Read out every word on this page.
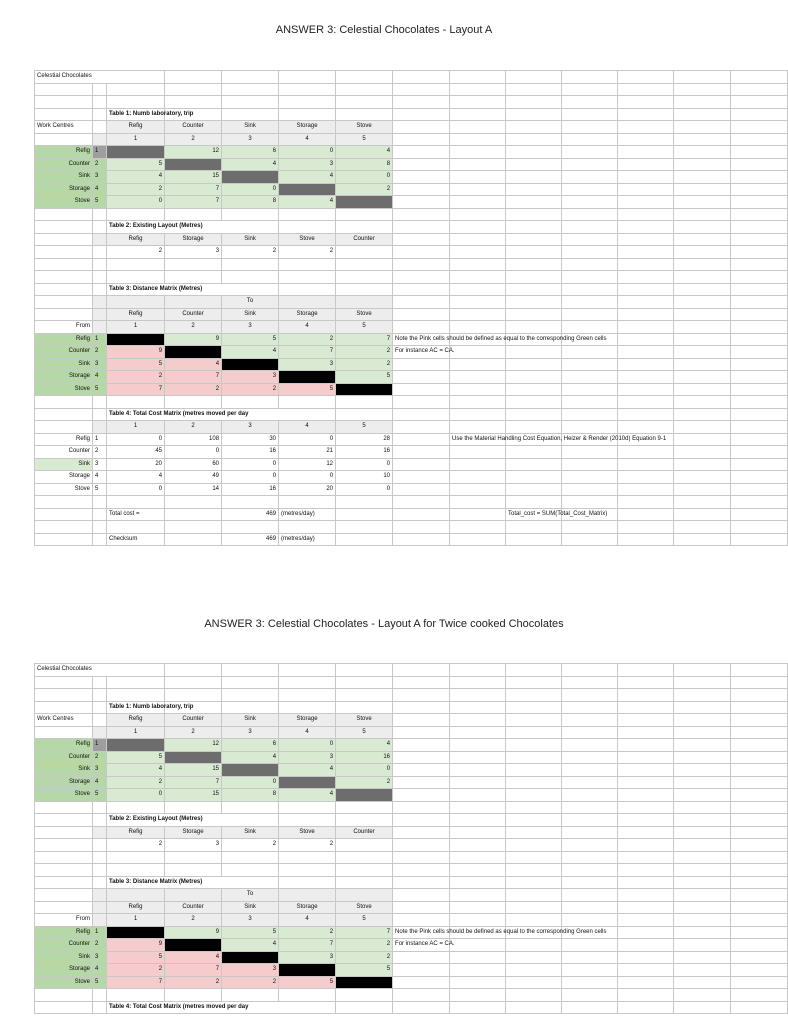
ANSWER 3: Celestial Chocolates - Layout A
Celestial Chocolates													

		Table 1: Numb laboratory, trip											
Work Centres		Refig	Counter	Sink	Storage	Stove							
		1	2	3	4	5							
Refig	1		12	6	0	4							
Counter	2	5		4	3	8							
Sink	3	4	15		4	0							
Storage	4	2	7	0		2							
Stove	5	0	7	8	4								

		Table 2: Existing Layout (Metres)											
		Refig	Storage	Sink	Stove	Counter							
		2	3	2	2								

		Table 3: Distance Matrix (Metres)											
				To									
		Refig	Counter	Sink	Storage	Stove							
From		1	2	3	4	5							
Refig	1		9	5	2	7	Note the Pink cells should be defined as equal to the corresponding Green cells						
Counter	2	9		4	7	2	For instance AC = CA.						
Sink	3	5	4		3	2							
Storage	4	2	7	3		5							
Stove	5	7	2	2	5								

		Table 4: Total Cost Matrix (metres moved per day											
		1	2	3	4	5							
Refig	1	0	108	30	0	28		Use the Material Handling Cost Equation, Heizer & Render (2010d) Equation 9-1					
Counter	2	45	0	16	21	16							
Sink	3	20	60	0	12	0							
Storage	4	4	49	0	0	10							
Stove	5	0	14	16	20	0							

		Total cost =		469	(metres/day)				Total_cost = SUM(Total_Cost_Matrix)				

		Checksum		469	(metres/day)								
ANSWER 3: Celestial Chocolates - Layout A for Twice cooked Chocolates
Celestial Chocolates													

		Table 1: Numb laboratory, trip											
Work Centres		Refig	Counter	Sink	Storage	Stove							
		1	2	3	4	5							
Refig	1		12	6	0	4							
Counter	2	5		4	3	16							
Sink	3	4	15		4	0							
Storage	4	2	7	0		2							
Stove	5	0	15	8	4								

		Table 2: Existing Layout (Metres)											
		Refig	Storage	Sink	Stove	Counter							
		2	3	2	2								

		Table 3: Distance Matrix (Metres)											
				To									
		Refig	Counter	Sink	Storage	Stove							
From		1	2	3	4	5							
Refig	1		9	5	2	7	Note the Pink cells should be defined as equal to the corresponding Green cells						
Counter	2	9		4	7	2	For instance AC = CA.						
Sink	3	5	4		3	2							
Storage	4	2	7	3		5							
Stove	5	7	2	2	5								

		Table 4: Total Cost Matrix (metres moved per day											
